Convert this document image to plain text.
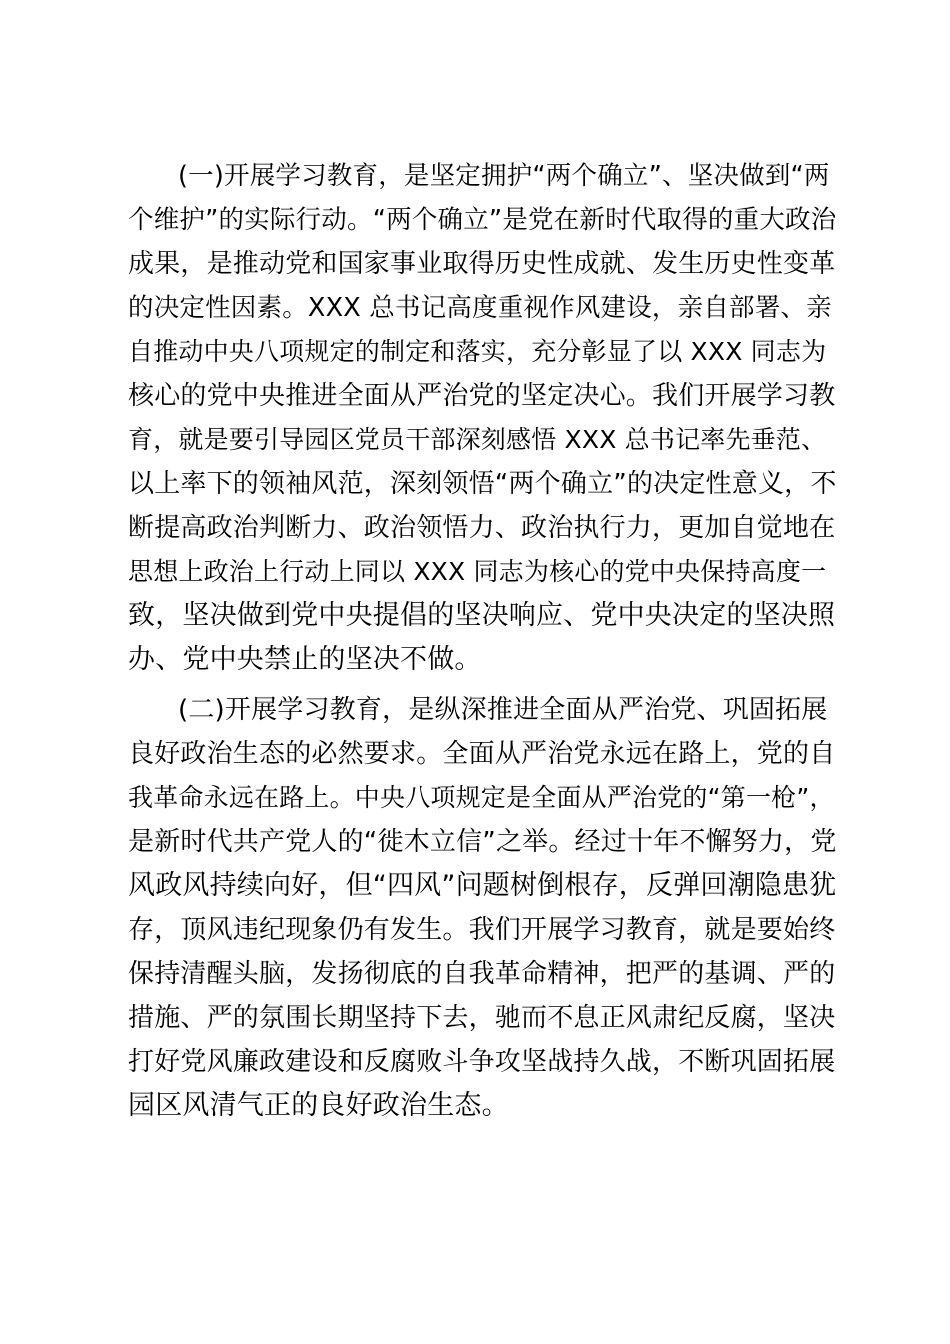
(一)开展学习教育，是坚定拥护“两个确立”、坚决做到“两
个维护”的实际行动。“两个确立”是党在新时代取得的重大政治
成果，是推动党和国家事业取得历史性成就、发生历史性变革
的决定性因素。XXX 总书记高度重视作风建设，亲自部署、亲
自推动中央八项规定的制定和落实，充分彰显了以 XXX 同志为
核心的党中央推进全面从严治党的坚定决心。我们开展学习教
育，就是要引导园区党员干部深刻感悟 XXX 总书记率先垂范、
以上率下的领袖风范，深刻领悟“两个确立”的决定性意义，不
断提高政治判断力、政治领悟力、政治执行力，更加自觉地在
思想上政治上行动上同以 XXX 同志为核心的党中央保持高度一
致，坚决做到党中央提倡的坚决响应、党中央决定的坚决照
办、党中央禁止的坚决不做。
(二)开展学习教育，是纵深推进全面从严治党、巩固拓展
良好政治生态的必然要求。全面从严治党永远在路上，党的自
我革命永远在路上。中央八项规定是全面从严治党的“第一枪”，
是新时代共产党人的“徙木立信”之举。经过十年不懈努力，党
风政风持续向好，但“四风”问题树倒根存，反弹回潮隐患犹
存，顶风违纪现象仍有发生。我们开展学习教育，就是要始终
保持清醒头脑，发扬彻底的自我革命精神，把严的基调、严的
措施、严的氛围长期坚持下去，驰而不息正风肃纪反腐，坚决
打好党风廉政建设和反腐败斗争攻坚战持久战，不断巩固拓展
园区风清气正的良好政治生态。
